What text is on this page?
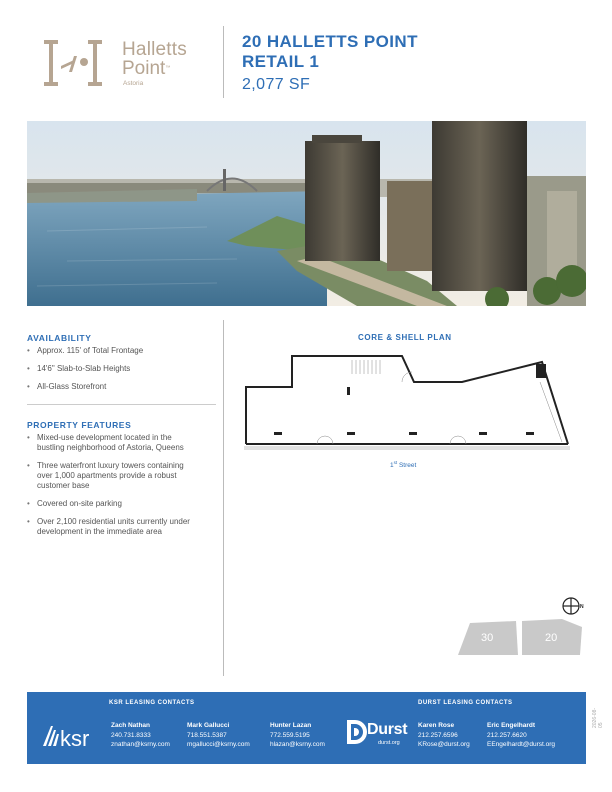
Halletts
Point™
Astoria
20 HALLETTS POINT
RETAIL 1
2,077 SF
AVAILABILITY
• Approx. 115' of Total Frontage
• 14'6" Slab-to-Slab Heights
• All-Glass Storefront
PROPERTY FEATURES
• Mixed-use development located in the bustling neighborhood of Astoria, Queens
• Three waterfront luxury towers containing over 1,000 apartments provide a robust customer base
• Covered on-site parking
• Over 2,100 residential units currently under development in the immediate area
CORE & SHELL PLAN
1st Street
N
30	20
ksr
KSR LEASING CONTACTS
Zach Nathan
240.731.8333
znathan@ksrny.com
Mark Gallucci
718.551.5387
mgallucci@ksrny.com
Hunter Lazan
772.559.5195
hlazan@ksrny.com
Durst
durst.org
DURST LEASING CONTACTS
Karen Rose
212.257.6596
KRose@durst.org
Eric Engelhardt
212.257.6620
EEngelhardt@durst.org
2026-08-05
